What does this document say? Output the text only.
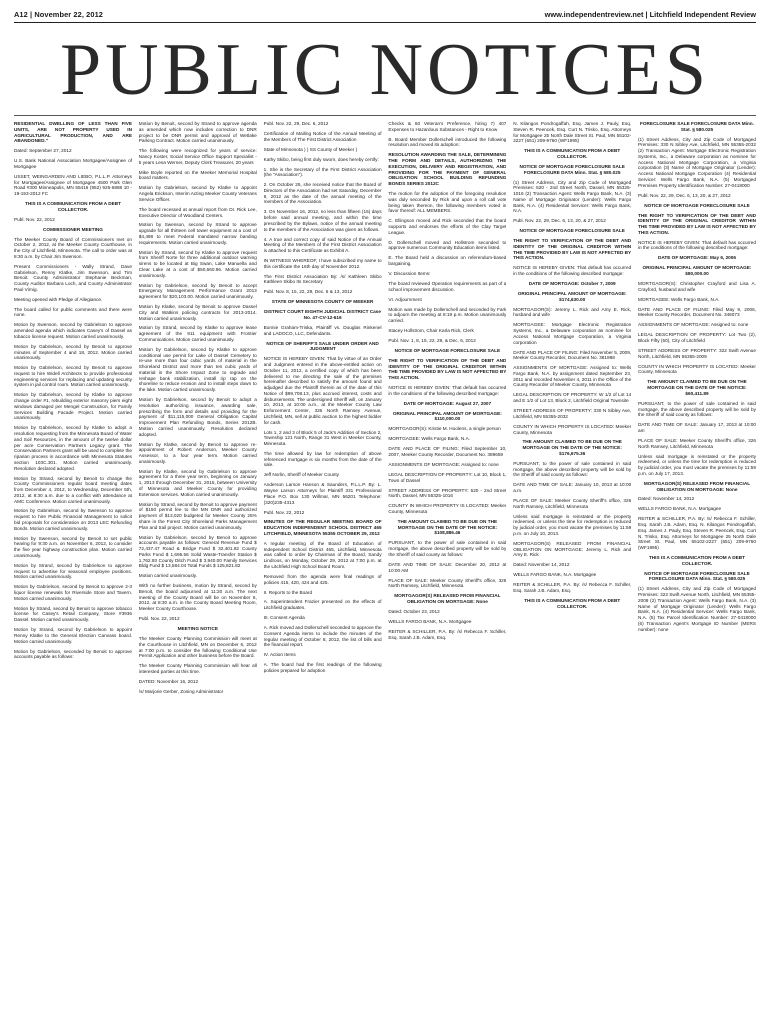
A12 | November 22, 2012	www.independentreview.net | Litchfield Independent Review
PUBLIC NOTICES

RESIDENTIAL DWELLING OF LESS THAN FIVE UNITS, ARE NOT PROPERTY USED IN AGRICULTURAL PRODUCTION, AND ARE ABANDONED."

Dated: September 27, 2012

U.S. Bank National Association Mortgagee/Assignee of Mortgagee

USSET, WEINGARDEN AND LIEBO, P.L.L.P. Attorneys for Mortgagee/Assignee of Mortgagee 4500 Park Glen Road #300 Minneapolis, MN 55416 (952) 925-6888 10 - 19-153-2012 FC

THIS IS A COMMUNICATION FROM A DEBT COLLECTOR.

Publ. Nov. 22, 2012

COMMISSIONER MEETING

The Meeker County Board of Commissioners met on October 2, 2012, at the Meeker County Courthouse, in the City of Litchfield, Minnesota. The call to order was at 8:30 a.m. by Chair Jim Swenson.

Present Commissioners - Wally Strand, Dave Gabrielson, Renny Klatke, Jim Swenson, and Tim Benoit. County Administrator Stephanie Beckman, County Auditor Barbara Loch, and County Administrator Paul Virnig.

Meeting opened with Pledge of Allegiance.

The board called for public comments and there were none.

Motion by Swenson, second by Gabrielson to approve amended agenda which indicates Casey's of Dassel as tobacco license request. Motion carried unanimously.

Motion by Gabrielson, second by Benoit to approve minutes of September 4 and 18, 2012. Motion carried unanimously.

Motion by Gabrielson, second by Benoit to approve request to hire Widell Architects to provide professional engineering services for replacing and updating security system in jail control room. Motion carried unanimously.

Motion by Gabrielson, second by Klatke to approve change order #1, rebuilding exterior masonry piers eight windows damaged per Mengel Construction, for Family Services Building Facade Project. Motion carried unanimously.

Motion by Gabrielson, second by Klatke to adopt a resolution requesting from the Minnesota Board of Water and Soil Resources, in the amount of the twelve dollar per acre Conservation Partners Legacy grant. The Conservation Partners grant will be used to complete the riparian process in accordance with Minnesota Statutes section 103C.301. Motion carried unanimously. Resolution declared adopted.

Motion by Strand, second by Benoit to change the County Commissioners regular board meeting dates from December 4, 2012, to Wednesday, December 5th, 2012, at 8:30 a.m. due to a conflict with attendance at AMC Conference. Motion carried unanimously.

Motion by Gabrielson, second by Swenson to approve request to hire Public Financial Management to solicit bid proposals for consideration on 2013 LEC Refunding Bonds. Motion carried unanimously.

Motion by Swenson, second by Benoit to set public hearing for 9:30 a.m. on November 6, 2012, to consider the five year highway construction plan. Motion carried unanimously.

Motion by Strand, second by Gabrielson to approve request to advertise for seasonal employee positions. Motion carried unanimously.

Motion by Gabrielson, second by Benoit to approve 2-3 liquor license renewals for Riverside Store and Tavern. Motion carried unanimously.

Motion by Strand, second by Benoit to approve tobacco license for Casey's Retail Company, Store #3936 Dassel. Motion carried unanimously.

Motion by Strand, second by Gabrielson to appoint Renny Klatke to the General Election Canvass board. Motion carried unanimously.

Motion by Gabrielson, seconded by Benoit to approve accounts payable as follows:

Motion by Benoit, second by Strand to approve agenda as amended which now includes correction to DNR project to be DNR permit and approval of Wetlake Parking Contract. Motion carried unanimously.

The following were recognized for years of service: Nancy Koster, Social Service Office Support Specialist - 5 years Lena Werner, Deputy Clerk Treasurer, 20 years

Mike Boyle reported on the Meeker Memorial Hospital board matters.

Motion by Gabrielson, second by Klatke to appoint Angela Erickson, Interim Acting Meeker County Veterans Service Officer.

The board recessed at annual report from Dr. Rick Lee, Executive Director of Woodland Centers.

Motion by Swenson, second by Strand to approve upgrade for all thirteen cell tower equipment at a cost of $4,498 to meet Federal mandated narrow banding requirements. Motion carried unanimously.

Motion by Strand, second by Klatke to approve request from Sheriff Norte for three additional outdoor warning sirens to be located at Big Swan, Lake Manuella and Clear Lake at a cost of $50,660.96. Motion carried unanimously.

Motion by Gabrielson, second by Benoit to accept Emergency Management Performance Grant 2013 agreement for $20,103.00. Motion carried unanimously.

Motion by Klatke, second by Benoit to approve Dassel City and Watkins policing contracts for 2013-2014. Motion carried unanimously.

Motion by Strand, second by Klatke to approve lease agreement of the 911 equipment with Frontier Communications. Motion carried unanimously.

Motion by Gabrielson, second by Klatke to approve conditional use permit for Lake of Dassel Cemetery to re-use more than four cubic yards of material in the Shoreland District and more than ten cubic yards of material in the Shore Impact Zone to regrade and reshape bank stabilization, install rip rap on the shoreline to reduce erosion and to install steps down to the lake. Motion carried unanimously.

Motion by Gabrielson, second by Benoit to adopt a resolution authorizing issuance, awarding sale, prescribing the form and details and providing for the payment of $11,115,000 General Obligation Capital Improvement Plan Refunding Bonds, Series 2012B. Motion carried unanimously. Resolution declared adopted.

Motion by Klatke, second by Benoit to approve re-appointment of Robert Anderson, Meeker County Assessor, to a four year term. Motion carried unanimously.

Motion by Klatke, second by Gabrielson to approve agreement for a three year term, beginning on January 1, 2013 through December 31, 2015, between University of Minnesota and Meeker County for providing Extension services. Motion carried unanimously.

Motion by Strand, second by Benoit to approve payment of $150 permit fee to the MN DNR and authorized payment of $13,020 budgeted for Meeker County 25% share in the Forest City Shoreland Parks Management Plan and trail project. Motion carried unanimously.

Motion by Gabrielson, second by Benoit to approve accounts payable as follows: General Revenue Fund $ 72,437.47 Road & Bridge Fund $ 32,401.82 County Parks Fund $ 1,695.56 Solid Waste-Transfer Station $ 1,762.93 County Ditch Fund $ 3,940.00 Family Services Bldg Fund $ 13,584.04 Total Funds $ 125,821.82

Motion carried unanimously.

With no further business, motion by Strand, second by Benoit, the board adjourned at 11:20 a.m. The next meeting of the County Board will be on November 6, 2012, at 8:30 a.m. in the County Board Meeting Room, Meeker County Courthouse.

Publ. Nov. 22, 2012

MEETING NOTICE

The Meeker County Planning Commission will meet at the Courthouse in Litchfield, MN on December 6, 2012 at 7:00 p.m. to consider the following Conditional Use Permit Application and other business before the Board.

The Meeker County Planning Commission will hear all interested parties at this time.

DATED: November 16, 2012

/s/ Marjorie Gerber, Zoning Administrator

Publ. Nov. 22, 29, Dec. 6, 2012

Certification of Mailing Notice of the Annual Meeting of the Members of The First District Association

State of Minnesota ) ) SS County of Meeker )

Kathy Skibo, being first duly sworn, does hereby certify:

1. She is the Secretary of the First District Association (the "Association").

2. On October 25, she received notice that the Board of Directors of the Association had set Saturday, December 8, 2012 as the date of the annual meeting of the members of the Association.

3. On November 16, 2012, no less than fifteen (15) days before said annual meeting, and within the time prescribed by the Bylaws, notice of the annual meeting to the members of the Association was given as follows.

4. A true and correct copy of said Notice of the Annual Meeting of the Members of the First District Association is attached to this Certificate as Exhibit A.

IN WITNESS WHEREOF, I have subscribed my name to this certificate the 16th day of November 2012.

The First District Association By: /s/ Kathleen Skibo Kathleen Skibo Its Secretary

Publ. Nov. 8, 15, 22, 29, Dec. 6 & 13, 2012

STATE OF MINNESOTA COUNTY OF MEEKER

DISTRICT COURT EIGHTH JUDICIAL DISTRICT Case No. 47-CV-12-616

Bonnie Graham-Triska, Plaintiff vs. Douglas Rinkenel and LADOCO, LLC, Defendants.

NOTICE OF SHERIFF'S SALE UNDER ORDER AND JUDGMENT

NOTICE IS HEREBY GIVEN: That by virtue of an Order and Judgment entered in the above-entitled action on October 11, 2012, a certified copy of which has been delivered to me directing the sale of the premises hereinafter described to satisfy the amount found and adjudged due the Plaintiff therein as of the date of this Notice of $99,708.13, plus accrued interest, costs and disbursements. The undersigned Sheriff will, on January 10, 2013, at 10:00 a.m., at the Meeker County Law Enforcement Center, 326 North Ramsey Avenue, Litchfield, MN, sell at public auction to the highest bidder for cash.

Lots 1, 2 and 3 of Block 5 of Jack's Addition of Section 2, Township 121 North, Range 31 West in Meeker County, Minnesota.

The time allowed by law for redemption of above referenced mortgage is six months from the date of the sale.

Jeff Norlin, Sheriff of Meeker County

Anderson Larson Hanson & Saunders, P.L.L.P. By: L. Wayne Larson Attorneys for Plaintiff 331 Professional Place P.O. Box 130 Willmar, MN 56201 Telephone: (320)235-4313

Publ. Nov. 22, 2012

MINUTES OF THE REGULAR MEETING BOARD OF EDUCATION INDEPENDENT SCHOOL DISTRICT 465 LITCHFIELD, MINNESOTA 55355 OCTOBER 29, 2012

A regular meeting of the Board of Education of Independent School District 465, Litchfield, Minnesota was called to order by Chairman of the Board, Sandy Lindroos, on Monday, October 29, 2012 at 7:00 p.m. at the Litchfield High School Board Room.

Removed from the agenda were final readings of policies 415, 420, 424 and 425.

II. Reports to the Board

A. Superintendent Frazier presented on the effects of Litchfield graduates.

III. Consent Agenda

A. Rick moved and Dollerschell seconded to approve the Consent Agenda items to include the minutes of the regular meeting of October 8, 2012, the list of bills and the financial report.

IV. Action Items

A. The board had the first readings of the following policies prepared for adoption

Checks & 60 Veteran's Preference, hiring 7) 407 Expenses to Hazardous Substances - Right to Know

B. Board Member Dollerschell introduced the following resolution and moved its adoption:

RESOLUTION AWARDING THE SALE, DETERMINING THE FORM AND DETAILS, AUTHORIZING THE EXECUTION, DELIVERY AND REGISTRATION, AND PROVIDING FOR THE PAYMENT OF GENERAL OBLIGATION SCHOOL BUILDING REFUNDING BONDS SERIES 2012C

The motion for the adoption of the foregoing resolution was duly seconded by Rick and upon a roll call vote being taken thereon, the following members voted in favor thereof: ALL MEMBERS.

C. Ellingson moved and Rick seconded that the board supports and endorses the efforts of the Clay Target League.

D. Dollerschell moved and Hollstrom seconded to approve numerous Community Education items listed.

E. The Board held a discussion on referendum-based bargaining.

V. Discussion Items:

The board reviewed Operation requirements as part of a school improvement discussion.

VI. Adjournment

Motion was made by Dollerschell and seconded by Fark to adjourn the meeting at 8:19 p.m. Motion unanimously carried.

Stacey Hollstrom, Chair Karla Rick, Clerk

Publ. Nov. 1, 8, 15, 22, 29, & Dec. 6, 2012

NOTICE OF MORTGAGE FORECLOSURE SALE

THE RIGHT TO VERIFICATION OF THE DEBT AND IDENTITY OF THE ORIGINAL CREDITOR WITHIN THE TIME PROVIDED BY LAW IS NOT AFFECTED BY THIS ACTION.

NOTICE IS HEREBY GIVEN: That default has occurred in the conditions of the following described mortgage:

DATE OF MORTGAGE: August 27, 2007

ORIGINAL PRINCIPAL AMOUNT OF MORTGAGE: $110,000.00

MORTGAGOR(S): Kristie M. Hoolens, a single person

MORTGAGEE: Wells Fargo Bank, N.A.

DATE AND PLACE OF FILING: Filed September 10, 2007, Meeker County Recorder, Document No. 389659

ASSIGNMENTS OF MORTGAGE: Assigned to: none

LEGAL DESCRIPTION OF PROPERTY: Lot 10, Block 1, Town of Dassel

STREET ADDRESS OF PROPERTY: 520 - 2nd Street North, Dassel, MN 55325-1016

COUNTY IN WHICH PROPERTY IS LOCATED: Meeker County, Minnesota

THE AMOUNT CLAIMED TO BE DUE ON THE MORTGAGE ON THE DATE OF THE NOTICE: $108,886.46

PURSUANT, to the power of sale contained in said mortgage, the above described property will be sold by the Sheriff of said county as follows:

DATE AND TIME OF SALE: December 20, 2012 at 10:00 AM

PLACE OF SALE: Meeker County Sheriff's office, 326 North Ramsey, Litchfield, Minnesota

MORTGAGOR(S) RELEASED FROM FINANCIAL OBLIGATION ON MORTGAGE: None

Dated: October 23, 2012

WELLS FARGO BANK, N.A. Mortgagee

REITER & SCHILLER, P.A. By: /s/ Rebecca F. Schiller, Esq. Sarah J.B. Adam, Esq.

N. Kilangos Pondrogaffah, Esq. James J. Pauly, Esq. Steven R. Peencek, Esq. Curt N. Trisko, Esq. Attorneys for Mortgagee 25 North Dale Street St. Paul, MN 55102-2227 (651) 209-9760 (WF1995)

THIS IS A COMMUNICATION FROM A DEBT COLLECTOR.

NOTICE OF MORTGAGE FORECLOSURE SALE FORECLOSURE DATA Minn. Stat. § 580.025

(1) Street Address, City and Zip Code of Mortgaged Premises: 520 - 2nd Street North, Dassel, MN 55325-1016 (2) Transaction Agent: Wells Fargo Bank, N.A. (3) Name of Mortgage Originator (Lender): Wells Fargo Bank, N.A. (4) Residential Servicer: Wells Fargo Bank, N.A.

Publ. Nov. 22, 29, Dec. 6, 13, 20, & 27, 2012

NOTICE OF MORTGAGE FORECLOSURE SALE

THE RIGHT TO VERIFICATION OF THE DEBT AND IDENTITY OF THE ORIGINAL CREDITOR WITHIN THE TIME PROVIDED BY LAW IS NOT AFFECTED BY THIS ACTION.

NOTICE IS HEREBY GIVEN: That default has occurred in the conditions of the following described mortgage:

DATE OF MORTGAGE: October 7, 2009

ORIGINAL PRINCIPAL AMOUNT OF MORTGAGE: $174,630.00

MORTGAGOR(S): Jeremy L. Rick and Amy E. Rick, husband and wife

MORTGAGEE: Mortgage Electronic Registration Systems, Inc., a Delaware corporation as nominee for Access National Mortgage Corporation, a Virginia corporation

DATE AND PLACE OF FILING: Filed November 5, 2009, Meeker County Recorder, Document No. 381988

ASSIGNMENTS OF MORTGAGE: Assigned to: Wells Fargo Bank, N.A. by assignment dated September 23, 2011 and recorded November 4, 2011 in the Office of the County Recorder of Meeker County, Minnesota

LEGAL DESCRIPTION OF PROPERTY: W 1/2 of Lot 14 and E 1/2 of Lot 13, Block 2, Litchfield Original Townsite

STREET ADDRESS OF PROPERTY: 330 N Sibley Ave, Litchfield, MN 55355-2032

COUNTY IN WHICH PROPERTY IS LOCATED: Meeker County, Minnesota

THE AMOUNT CLAIMED TO BE DUE ON THE MORTGAGE ON THE DATE OF THE NOTICE: $176,675.36

PURSUANT, to the power of sale contained in said mortgage, the above described property will be sold by the Sheriff of said county as follows:

DATE AND TIME OF SALE: January 10, 2013 at 10:00 a.m.

PLACE OF SALE: Meeker County Sheriff's office, 326 North Ramsey, Litchfield, Minnesota

Unless said mortgage is reinstated or the property redeemed, or unless the time for redemption is reduced by judicial order, you must vacate the premises by 11:59 p.m. on July 10, 2013.

MORTGAGOR(S) RELEASED FROM FINANCIAL OBLIGATION ON MORTGAGE: Jeremy L. Rick and Amy E. Rick

Dated: November 14, 2012

WELLS FARGO BANK, N.A. Mortgagee

REITER & SCHILLER, P.A. By: /s/ Rebecca F. Schiller, Esq. Sarah J.B. Adam, Esq.

THIS IS A COMMUNICATION FROM A DEBT COLLECTOR.

FORECLOSURE SALE FORECLOSURE DATA Minn. Stat. § 580.025

(1) Street Address, City and Zip Code of Mortgaged Premises: 330 N Sibley Ave, Litchfield, MN 55355-2032 (2) Transaction Agent: Mortgage Electronic Registration Systems, Inc., a Delaware corporation as nominee for Access National Mortgage Corporation, a Virginia corporation (3) Name of Mortgage Originator (Lender): Access National Mortgage Corporation (4) Residential Servicer: Wells Fargo Bank, N.A. (5) Mortgaged Premises Property Identification Number: 27-0418000

Publ. Nov. 22, 29, Dec. 6, 13, 20, & 27, 2012

NOTICE OF MORTGAGE FORECLOSURE SALE

THE RIGHT TO VERIFICATION OF THE DEBT AND IDENTITY OF THE ORIGINAL CREDITOR WITHIN THE TIME PROVIDED BY LAW IS NOT AFFECTED BY THIS ACTION.

NOTICE IS HEREBY GIVEN: That default has occurred in the conditions of the following described mortgage:

DATE OF MORTGAGE: May 6, 2006

ORIGINAL PRINCIPAL AMOUNT OF MORTGAGE: $80,000.00

MORTGAGOR(S): Christopher Crayford and Lisa A. Crayford, husband and wife

MORTGAGEE: Wells Fargo Bank, N.A.

DATE AND PLACE OF FILING: Filed May 9, 2006, Meeker County Recorder, Document No. 346073

ASSIGNMENTS OF MORTGAGE: Assigned to: none

LEGAL DESCRIPTION OF PROPERTY: Lot Two (2), Block Fifty (50), City of Litchfield

STREET ADDRESS OF PROPERTY: 322 Swift Avenue North, Litchfield, MN 55355-2009

COUNTY IN WHICH PROPERTY IS LOCATED: Meeker County, Minnesota

THE AMOUNT CLAIMED TO BE DUE ON THE MORTGAGE ON THE DATE OF THE NOTICE: $60,411.89

PURSUANT, to the power of sale contained in said mortgage, the above described property will be sold by the Sheriff of said county as follows:

DATE AND TIME OF SALE: January 17, 2013 at 10:00 am

PLACE OF SALE: Meeker County Sheriff's office, 326 North Ramsey, Litchfield, Minnesota

Unless said mortgage is reinstated or the property redeemed, or unless the time for redemption is reduced by judicial order, you must vacate the premises by 11:59 p.m. on July 17, 2013.

MORTGAGOR(S) RELEASED FROM FINANCIAL OBLIGATION ON MORTGAGE: None

Dated: November 14, 2012

WELLS FARGO BANK, N.A. Mortgagee

REITER & SCHILLER, P.A. By: /s/ Rebecca F. Schiller, Esq. Sarah J.B. Adam, Esq. N. Kilangos Pondrogaffah, Esq. James J. Pauly, Esq. Steven R. Peencek, Esq. Curt N. Trisko, Esq. Attorneys for Mortgagee 25 North Dale Street St. Paul, MN 55102-2227 (651) 209-9760 (WF1995)

THIS IS A COMMUNICATION FROM A DEBT COLLECTOR.

NOTICE OF MORTGAGE FORECLOSURE SALE FORECLOSURE DATA Minn. Stat. § 580.025

(1) Street Address, City and Zip Code of Mortgaged Premises: 322 Swift Avenue North, Litchfield, MN 55355-2009 (2) Transaction Agent: Wells Fargo Bank, N.A. (3) Name of Mortgage Originator (Lender): Wells Fargo Bank, N.A. (4) Residential Servicer: Wells Fargo Bank, N.A. (5) Tax Parcel Identification Number: 27-0418000 (6) Transaction Agent's Mortgage ID Number (MERS number): none
